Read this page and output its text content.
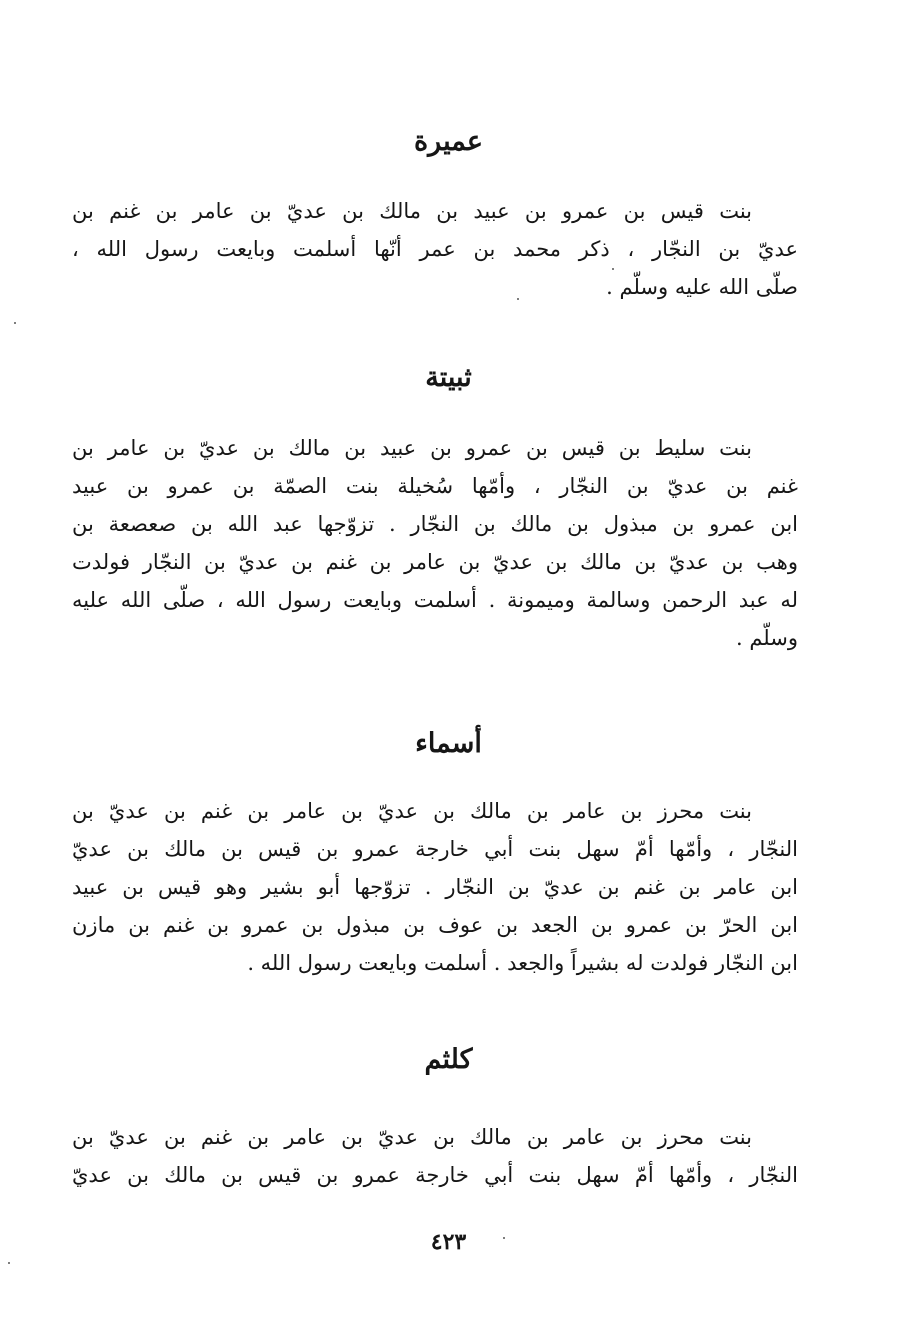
عميرة
بنت قيس بن عمرو بن عبيد بن مالك بن عديّ بن عامر بن غنم بن
عديّ بن النجّار ، ذكر محمد بن عمر أنّها أسلمت وبايعت رسول الله ،
صلّى الله عليه وسلّم .
ثبيتة
بنت سليط بن قيس بن عمرو بن عبيد بن مالك بن عديّ بن عامر بن
غنم بن عديّ بن النجّار ، وأمّها سُخيلة بنت الصمّة بن عمرو بن عبيد
ابن عمرو بن مبذول بن مالك بن النجّار . تزوّجها عبد الله بن صعصعة بن
وهب بن عديّ بن مالك بن عديّ بن عامر بن غنم بن عديّ بن النجّار فولدت
له عبد الرحمن وسالمة وميمونة . أسلمت وبايعت رسول الله ، صلّى الله عليه
وسلّم .
أسماء
بنت محرز بن عامر بن مالك بن عديّ بن عامر بن غنم بن عديّ بن
النجّار ، وأمّها أمّ سهل بنت أبي خارجة عمرو بن قيس بن مالك بن عديّ
ابن عامر بن غنم بن عديّ بن النجّار . تزوّجها أبو بشير وهو قيس بن عبيد
ابن الحرّ بن عمرو بن الجعد بن عوف بن مبذول بن عمرو بن غنم بن مازن
ابن النجّار فولدت له بشيراً والجعد . أسلمت وبايعت رسول الله .
كلثم
بنت محرز بن عامر بن مالك بن عديّ بن عامر بن غنم بن عديّ بن
النجّار ، وأمّها أمّ سهل بنت أبي خارجة عمرو بن قيس بن مالك بن عديّ
٤٢٣
